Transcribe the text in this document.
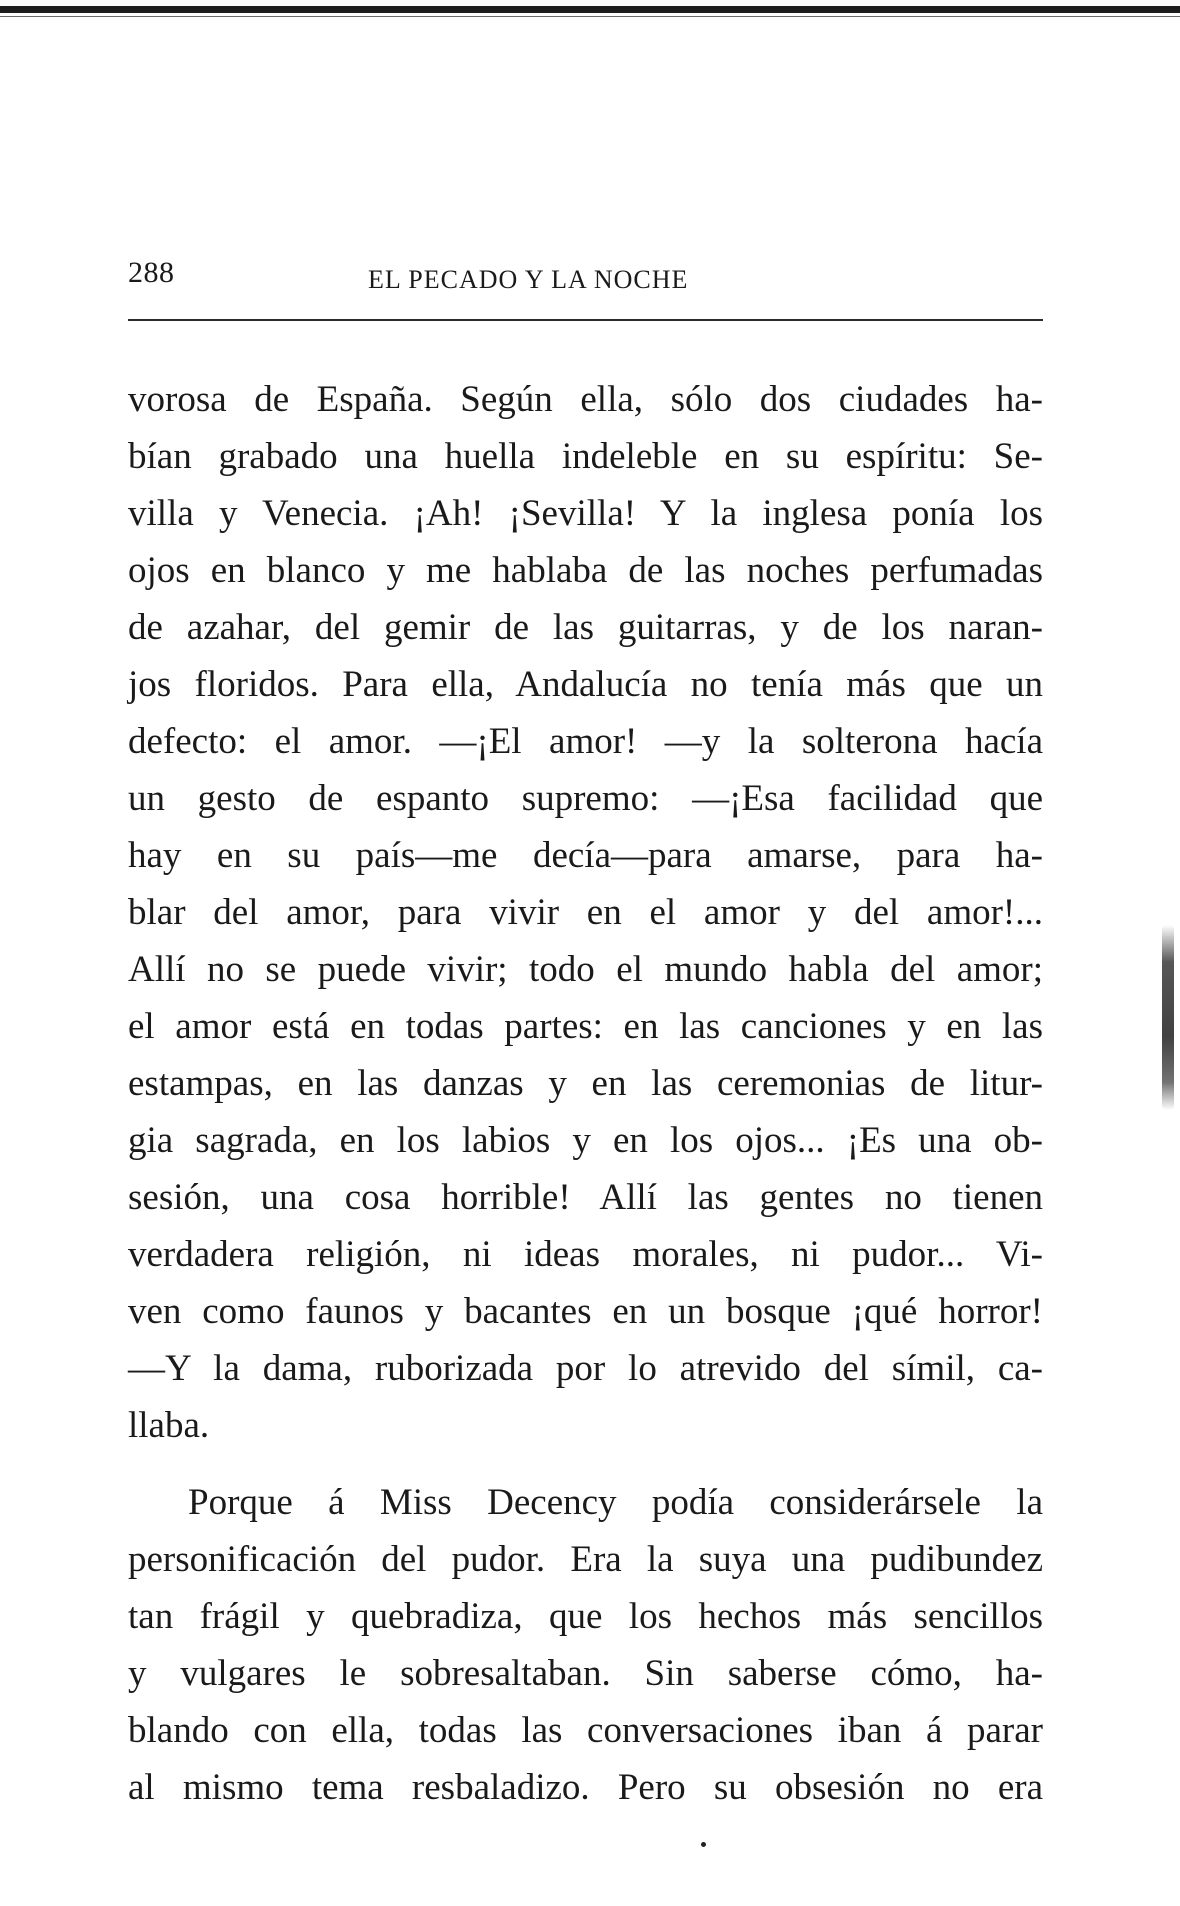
288	EL PECADO Y LA NOCHE
vorosa de España. Según ella, sólo dos ciudades ha-
bían grabado una huella indeleble en su espíritu: Se-
villa y Venecia. ¡Ah! ¡Sevilla! Y la inglesa ponía los
ojos en blanco y me hablaba de las noches perfumadas
de azahar, del gemir de las guitarras, y de los naran-
jos floridos. Para ella, Andalucía no tenía más que un
defecto: el amor. —¡El amor! —y la solterona hacía
un gesto de espanto supremo: —¡Esa facilidad que
hay en su país—me decía—para amarse, para ha-
blar del amor, para vivir en el amor y del amor!...
Allí no se puede vivir; todo el mundo habla del amor;
el amor está en todas partes: en las canciones y en las
estampas, en las danzas y en las ceremonias de litur-
gia sagrada, en los labios y en los ojos... ¡Es una ob-
sesión, una cosa horrible! Allí las gentes no tienen
verdadera religión, ni ideas morales, ni pudor... Vi-
ven como faunos y bacantes en un bosque ¡qué horror!
—Y la dama, ruborizada por lo atrevido del símil, ca-
llaba.
Porque á Miss Decency podía considerársele la
personificación del pudor. Era la suya una pudibundez
tan frágil y quebradiza, que los hechos más sencillos
y vulgares le sobresaltaban. Sin saberse cómo, ha-
blando con ella, todas las conversaciones iban á parar
al mismo tema resbaladizo. Pero su obsesión no era
